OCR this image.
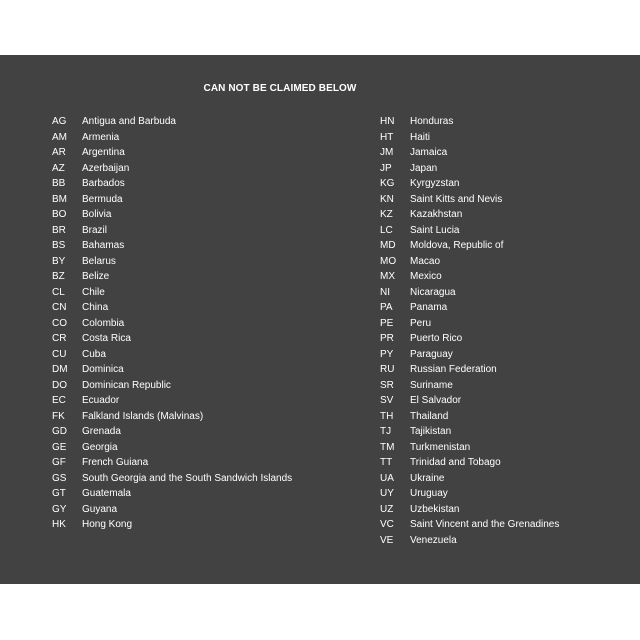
CAN NOT BE CLAIMED BELOW
AG	Antigua and Barbuda
AM	Armenia
AR	Argentina
AZ	Azerbaijan
BB	Barbados
BM	Bermuda
BO	Bolivia
BR	Brazil
BS	Bahamas
BY	Belarus
BZ	Belize
CL	Chile
CN	China
CO	Colombia
CR	Costa Rica
CU	Cuba
DM	Dominica
DO	Dominican Republic
EC	Ecuador
FK	Falkland Islands (Malvinas)
GD	Grenada
GE	Georgia
GF	French Guiana
GS	South Georgia and the South Sandwich Islands
GT	Guatemala
GY	Guyana
HK	Hong Kong
HN	Honduras
HT	Haiti
JM	Jamaica
JP	Japan
KG	Kyrgyzstan
KN	Saint Kitts and Nevis
KZ	Kazakhstan
LC	Saint Lucia
MD	Moldova, Republic of
MO	Macao
MX	Mexico
NI	Nicaragua
PA	Panama
PE	Peru
PR	Puerto Rico
PY	Paraguay
RU	Russian Federation
SR	Suriname
SV	El Salvador
TH	Thailand
TJ	Tajikistan
TM	Turkmenistan
TT	Trinidad and Tobago
UA	Ukraine
UY	Uruguay
UZ	Uzbekistan
VC	Saint Vincent and the Grenadines
VE	Venezuela
